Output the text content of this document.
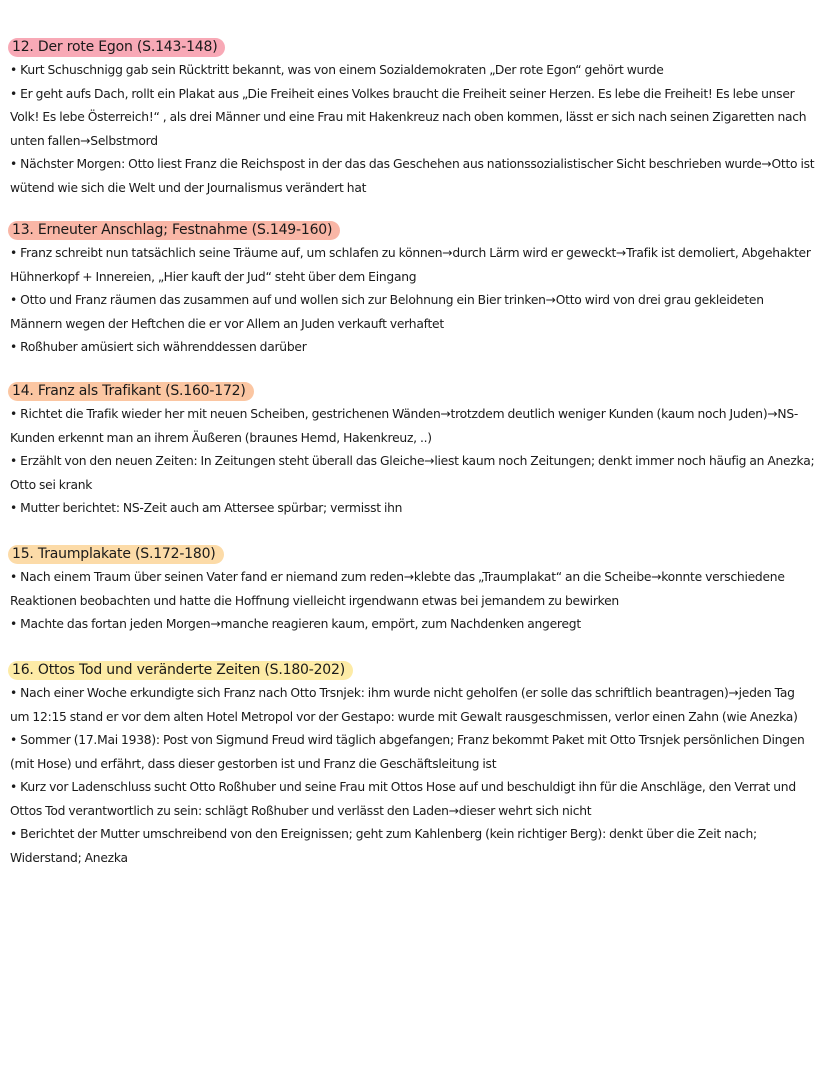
12. Der rote Egon (S.143-148)

• Kurt Schuschnigg gab sein Rücktritt bekannt, was von einem Sozialdemokraten „Der rote Egon“ gehört wurde

• Er geht aufs Dach, rollt ein Plakat aus „Die Freiheit eines Volkes braucht die Freiheit seiner Herzen. Es lebe die Freiheit! Es lebe unser Volk! Es lebe Österreich!“ , als drei Männer und eine Frau mit Hakenkreuz nach oben kommen, lässt er sich nach seinen Zigaretten nach unten fallen→Selbstmord

• Nächster Morgen: Otto liest Franz die Reichspost in der das das Geschehen aus nationssozialistischer Sicht beschrieben wurde→Otto ist wütend wie sich die Welt und der Journalismus verändert hat

13. Erneuter Anschlag; Festnahme (S.149-160)

• Franz schreibt nun tatsächlich seine Träume auf, um schlafen zu können→durch Lärm wird er geweckt→Trafik ist demoliert, Abgehakter Hühnerkopf + Innereien, „Hier kauft der Jud“ steht über dem Eingang

• Otto und Franz räumen das zusammen auf und wollen sich zur Belohnung ein Bier trinken→Otto wird von drei grau gekleideten Männern wegen der Heftchen die er vor Allem an Juden verkauft verhaftet

• Roßhuber amüsiert sich währenddessen darüber

14. Franz als Trafikant (S.160-172)

• Richtet die Trafik wieder her mit neuen Scheiben, gestrichenen Wänden→trotzdem deutlich weniger Kunden (kaum noch Juden)→NS-Kunden erkennt man an ihrem Äußeren (braunes Hemd, Hakenkreuz, ..)

• Erzählt von den neuen Zeiten: In Zeitungen steht überall das Gleiche→liest kaum noch Zeitungen; denkt immer noch häufig an Anezka; Otto sei krank

• Mutter berichtet: NS-Zeit auch am Attersee spürbar; vermisst ihn

15. Traumplakate (S.172-180)

• Nach einem Traum über seinen Vater fand er niemand zum reden→klebte das „Traumplakat“ an die Scheibe→konnte verschiedene Reaktionen beobachten und hatte die Hoffnung vielleicht irgendwann etwas bei jemandem zu bewirken

• Machte das fortan jeden Morgen→manche reagieren kaum, empört, zum Nachdenken angeregt

16. Ottos Tod und veränderte Zeiten (S.180-202)

• Nach einer Woche erkundigte sich Franz nach Otto Trsnjek: ihm wurde nicht geholfen (er solle das schriftlich beantragen)→jeden Tag um 12:15 stand er vor dem alten Hotel Metropol vor der Gestapo: wurde mit Gewalt rausgeschmissen, verlor einen Zahn (wie Anezka)

• Sommer (17.Mai 1938): Post von Sigmund Freud wird täglich abgefangen; Franz bekommt Paket mit Otto Trsnjek persönlichen Dingen (mit Hose) und erfährt, dass dieser gestorben ist und Franz die Geschäftsleitung ist

• Kurz vor Ladenschluss sucht Otto Roßhuber und seine Frau mit Ottos Hose auf und beschuldigt ihn für die Anschläge, den Verrat und Ottos Tod verantwortlich zu sein: schlägt Roßhuber und verlässt den Laden→dieser wehrt sich nicht

• Berichtet der Mutter umschreibend von den Ereignissen; geht zum Kahlenberg (kein richtiger Berg): denkt über die Zeit nach; Widerstand; Anezka
